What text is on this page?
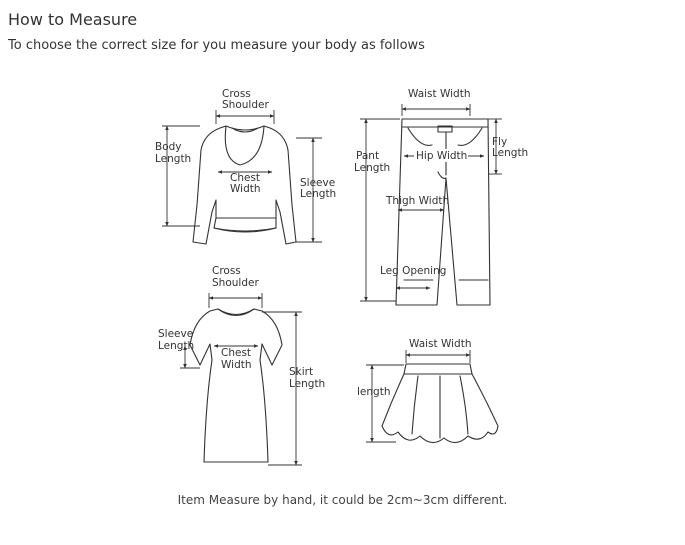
How to Measure
To choose the correct size for you measure your body as follows
Cross
Shoulder
Body
Length
Chest
Width	Sleeve
Length
Waist Width
Pant
Length
Hip Width
Fly
Length
Thigh Width
Leg Opening
Cross
Shoulder
Sleeve
Length
Chest
Width
Skirt
Length
Waist Width
length
Item Measure by hand, it could be 2cm~3cm different.
